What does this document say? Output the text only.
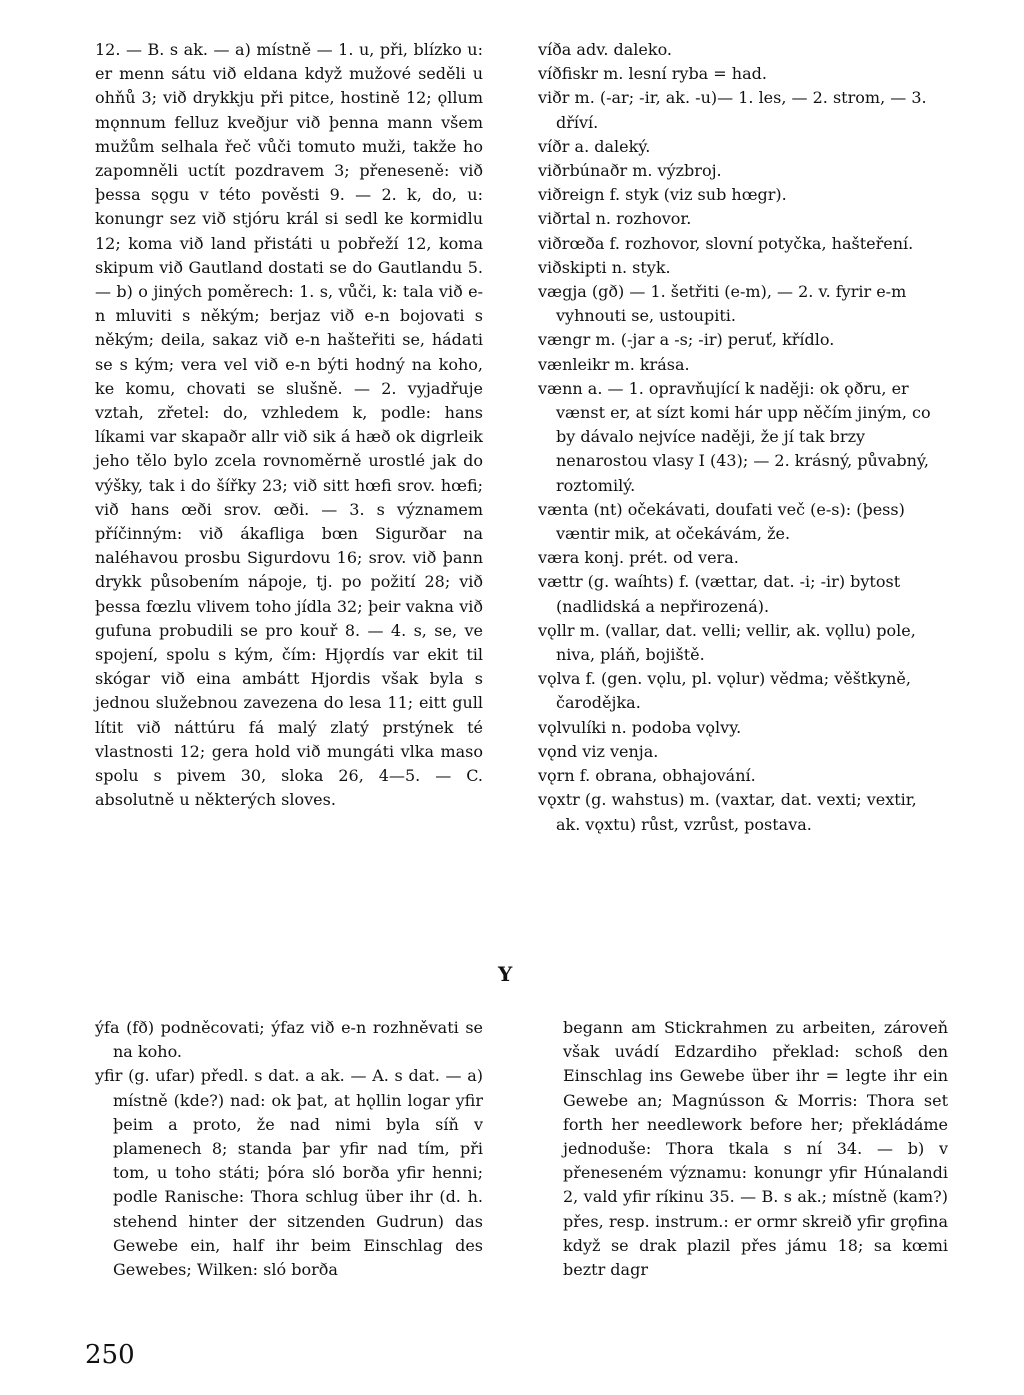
12. — B. s ak. — a) místně — 1. u, při, blízko u: er menn sátu við eldana když mužové seděli u ohňů 3; við drykkju při pitce, hostině 12; ǫllum mǫnnum felluz kveðjur við þenna mann všem mužům selhala řeč vůči tomuto muži, takže ho zapomněli uctít pozdravem 3; přeneseně: við þessa sǫgu v této pověsti 9. — 2. k, do, u: konungr sez við stjóru král si sedl ke kormidlu 12; koma við land přistáti u pobřeží 12, koma skipum við Gautland dostati se do Gautlandu 5. — b) o jiných poměrech: 1. s, vůči, k: tala við e-n mluviti s někým; berjaz við e-n bojovati s někým; deila, sakaz við e-n hašteřiti se, hádati se s kým; vera vel við e-n býti hodný na koho, ke komu, chovati se slušně. — 2. vyjadřuje vztah, zřetel: do, vzhledem k, podle: hans líkami var skapaðr allr við sik á hæð ok digrleik jeho tělo bylo zcela rovnoměrně urostlé jak do výšky, tak i do šířky 23; við sitt hœfi srov. hœfi; við hans œði srov. œði. — 3. s významem příčinným: við ákafliga bœn Sigurðar na naléhavou prosbu Sigurdovu 16; srov. við þann drykk působením nápoje, tj. po požití 28; við þessa fœzlu vlivem toho jídla 32; þeir vakna við gufuna probudili se pro kouř 8. — 4. s, se, ve spojení, spolu s kým, čím: Hjǫrdís var ekit til skógar við eina ambátt Hjordis však byla s jednou služebnou zavezena do lesa 11; eitt gull lítit við náttúru fá malý zlatý prstýnek té vlastnosti 12; gera hold við mungáti vlka maso spolu s pivem 30, sloka 26, 4—5. — C. absolutně u některých sloves.

víða adv. daleko.

víðfiskr m. lesní ryba = had.

viðr m. (-ar; -ir, ak. -u)— 1. les, — 2. strom, — 3. dříví.

víðr a. daleký.

viðrbúnaðr m. výzbroj.

viðreign f. styk (viz sub hœgr).

viðrtal n. rozhovor.

viðrœða f. rozhovor, slovní potyčka, hašteření.

viðskipti n. styk.

vægja (gð) — 1. šetřiti (e-m), — 2. v. fyrir e-m vyhnouti se, ustoupiti.

vængr m. (-jar a -s; -ir) peruť, křídlo.

vænleikr m. krása.

vænn a. — 1. opravňující k naději: ok ǫðru, er vænst er, at sízt komi hár upp něčím jiným, co by dávalo nejvíce naději, že jí tak brzy nenarostou vlasy I (43); — 2. krásný, půvabný, roztomilý.

vænta (nt) očekávati, doufati več (e-s): (þess) væntir mik, at očekávám, že.

væra konj. prét. od vera.

vættr (g. waíhts) f. (vættar, dat. -i; -ir) bytost (nadlidská a nepřirozená).

vǫllr m. (vallar, dat. velli; vellir, ak. vǫllu) pole, niva, pláň, bojiště.

vǫlva f. (gen. vǫlu, pl. vǫlur) vědma; věštkyně, čarodějka.

vǫlvulíki n. podoba vǫlvy.

vǫnd viz venja.

vǫrn f. obrana, obhajování.

vǫxtr (g. wahstus) m. (vaxtar, dat. vexti; vextir, ak. vǫxtu) růst, vzrůst, postava.

Y

ýfa (fð) podněcovati; ýfaz við e-n rozhněvati se na koho.

yfir (g. ufar) předl. s dat. a ak. — A. s dat. — a) místně (kde?) nad: ok þat, at hǫllin logar yfir þeim a proto, že nad nimi byla síň v plamenech 8; standa þar yfir nad tím, při tom, u toho státi; þóra sló borða yfir henni; podle Ranische: Thora schlug über ihr (d. h. stehend hinter der sitzenden Gudrun) das Gewebe ein, half ihr beim Einschlag des Gewebes; Wilken: sló borða

begann am Stickrahmen zu arbeiten, zároveň však uvádí Edzardiho překlad: schoß den Einschlag ins Gewebe über ihr = legte ihr ein Gewebe an; Magnússon & Morris: Thora set forth her needlework before her; překládáme jednoduše: Thora tkala s ní 34. — b) v přeneseném významu: konungr yfir Húnalandi 2, vald yfir ríkinu 35. — B. s ak.; místně (kam?) přes, resp. instrum.: er ormr skreið yfir grǫfina když se drak plazil přes jámu 18; sa kœmi beztr dagr

250
